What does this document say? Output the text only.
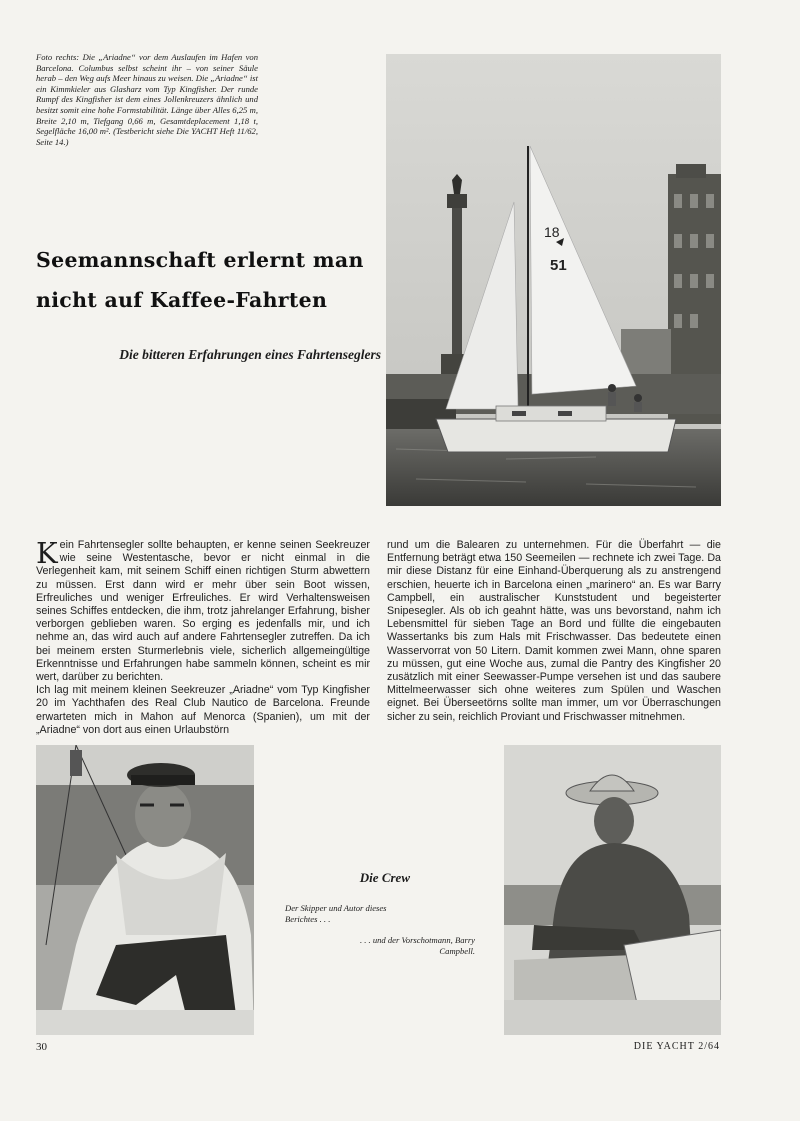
Foto rechts: Die „Ariadne“ vor dem Auslaufen im Hafen von Barcelona. Columbus selbst scheint ihr – von seiner Säule herab – den Weg aufs Meer hinaus zu weisen. Die „Ariadne“ ist ein Kimmkieler aus Glasharz vom Typ Kingfisher. Der runde Rumpf des Kingfisher ist dem eines Jollenkreuzers ähnlich und besitzt somit eine hohe Formstabilität. Länge über Alles 6,25 m, Breite 2,10 m, Tiefgang 0,66 m, Gesamtdeplacement 1,18 t, Segelfläche 16,00 m². (Testbericht siehe Die YACHT Heft 11/62, Seite 14.)
Seemannschaft erlernt man
nicht auf Kaffee-Fahrten
Die bitteren Erfahrungen eines Fahrtenseglers
18
51

Kein Fahrtensegler sollte behaupten, er kenne seinen Seekreuzer wie seine Westentasche, bevor er nicht einmal in die Verlegenheit kam, mit seinem Schiff einen richtigen Sturm abwettern zu müssen. Erst dann wird er mehr über sein Boot wissen, Erfreuliches und weniger Erfreuliches. Er wird Verhaltensweisen seines Schiffes entdecken, die ihm, trotz jahrelanger Erfahrung, bisher verborgen geblieben waren. So erging es jedenfalls mir, und ich nehme an, das wird auch auf andere Fahrtensegler zutreffen. Da ich bei meinem ersten Sturmerlebnis viele, sicherlich allgemeingültige Erkenntnisse und Erfahrungen habe sammeln können, scheint es mir wert, darüber zu berichten.

Ich lag mit meinem kleinen Seekreuzer „Ariadne“ vom Typ Kingfisher 20 im Yachthafen des Real Club Nautico de Barcelona. Freunde erwarteten mich in Mahon auf Menorca (Spanien), um mit der „Ariadne“ von dort aus einen Urlaubstörn

rund um die Balearen zu unternehmen. Für die Überfahrt — die Entfernung beträgt etwa 150 Seemeilen — rechnete ich zwei Tage. Da mir diese Distanz für eine Einhand-Überquerung als zu anstrengend erschien, heuerte ich in Barcelona einen „marinero“ an. Es war Barry Campbell, ein australischer Kunststudent und begeisterter Snipesegler. Als ob ich geahnt hätte, was uns bevorstand, nahm ich Lebensmittel für sieben Tage an Bord und füllte die eingebauten Wassertanks bis zum Hals mit Frischwasser. Das bedeutete einen Wasservorrat von 50 Litern. Damit kommen zwei Mann, ohne sparen zu müssen, gut eine Woche aus, zumal die Pantry des Kingfisher 20 zusätzlich mit einer Seewasser-Pumpe versehen ist und das saubere Mittelmeerwasser sich ohne weiteres zum Spülen und Waschen eignet. Bei Überseetörns sollte man immer, um vor Überraschungen sicher zu sein, reichlich Proviant und Frischwasser mitnehmen.

Die Crew
Der Skipper und Autor dieses Berichtes . . .
. . . und der Vorschotmann, Barry Campbell.
30	DIE YACHT 2/64
